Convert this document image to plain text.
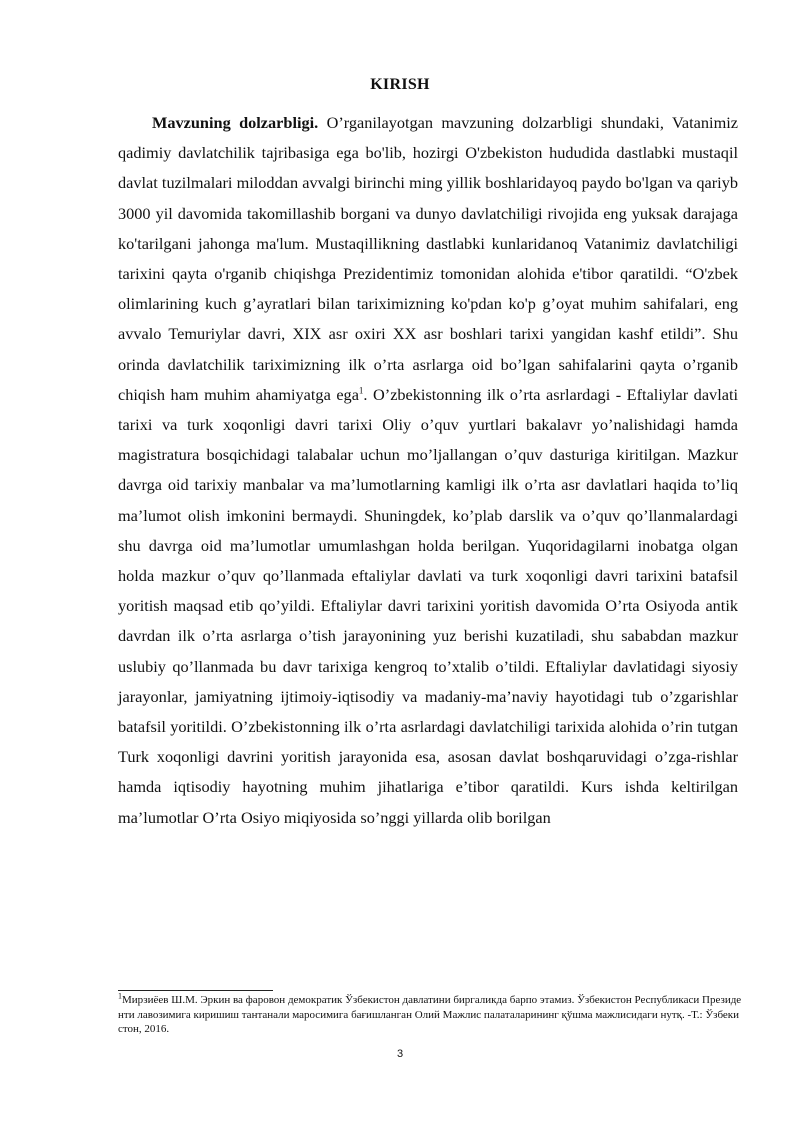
KIRISH

Mavzuning dolzarbligi. O’rganilayotgan mavzuning dolzarbligi shundaki, Vatanimiz qadimiy davlatchilik tajribasiga ega bo'lib, hozirgi O'zbekiston hududida dastlabki mustaqil davlat tuzilmalari miloddan avvalgi birinchi ming yillik boshlaridayoq paydo bo'lgan va qariyb 3000 yil davomida takomillashib borgani va dunyo davlatchiligi rivojida eng yuksak darajaga ko'tarilgani jahonga ma'lum. Mustaqillikning dastlabki kunlaridanoq Vatanimiz davlatchiligi tarixini qayta o'rganib chiqishga Prezidentimiz tomonidan alohida e'tibor qaratildi. “O'zbek olimlarining kuch g’ayratlari bilan tariximizning ko'pdan ko'p g’oyat muhim sahifalari, eng avvalo Temuriylar davri, XIX asr oxiri XX asr boshlari tarixi yangidan kashf etildi”. Shu orinda davlatchilik tariximizning ilk o’rta asrlarga oid bo’lgan sahifalarini qayta o’rganib chiqish ham muhim ahamiyatga ega$^1$. O’zbekistonning ilk o’rta asrlardagi - Eftaliylar davlati tarixi va turk xoqonligi davri tarixi Oliy o’quv yurtlari bakalavr yo’nalishidagi hamda magistratura bosqichidagi talabalar uchun mo’ljallangan o’quv dasturiga kiritilgan. Mazkur davrga oid tarixiy manbalar va ma’lumotlarning kamligi ilk o’rta asr davlatlari haqida to’liq ma’lumot olish imkonini bermaydi. Shuningdek, ko’plab darslik va o’quv qo’llanmalardagi shu davrga oid ma’lumotlar umumlashgan holda berilgan. Yuqoridagilarni inobatga olgan holda mazkur o’quv qo’llanmada eftaliylar davlati va turk xoqonligi davri tarixini batafsil yoritish maqsad etib qo’yildi. Eftaliylar davri tarixini yoritish davomida O’rta Osiyoda antik davrdan ilk o’rta asrlarga o’tish jarayonining yuz berishi kuzatiladi, shu sababdan mazkur uslubiy qo’llanmada bu davr tarixiga kengroq to’xtalib o’tildi. Eftaliylar davlatidagi siyosiy jarayonlar, jamiyatning ijtimoiy-iqtisodiy va madaniy-ma’naviy hayotidagi tub o’zgarishlar batafsil yoritildi. O’zbekistonning ilk o’rta asrlardagi davlatchiligi tarixida alohida o’rin tutgan Turk xoqonligi davrini yoritish jarayonida esa, asosan davlat boshqaruvidagi o’zga-rishlar hamda iqtisodiy hayotning muhim jihatlariga e’tibor qaratildi. Kurs ishda keltirilgan ma’lumotlar O’rta Osiyo miqiyosida so’nggi yillarda olib borilgan

$^1$Мирзиёев Ш.М. Эркин ва фаровон демократик Ўзбекистон давлатини биргаликда барпо этамиз. Ўзбекистон Республикаси Президенти лавозимига киришиш тантанали маросимига бағишланган Олий Мажлис палаталарининг қўшма мажлисидаги нутқ. -Т.: Ўзбекистон, 2016.
3
